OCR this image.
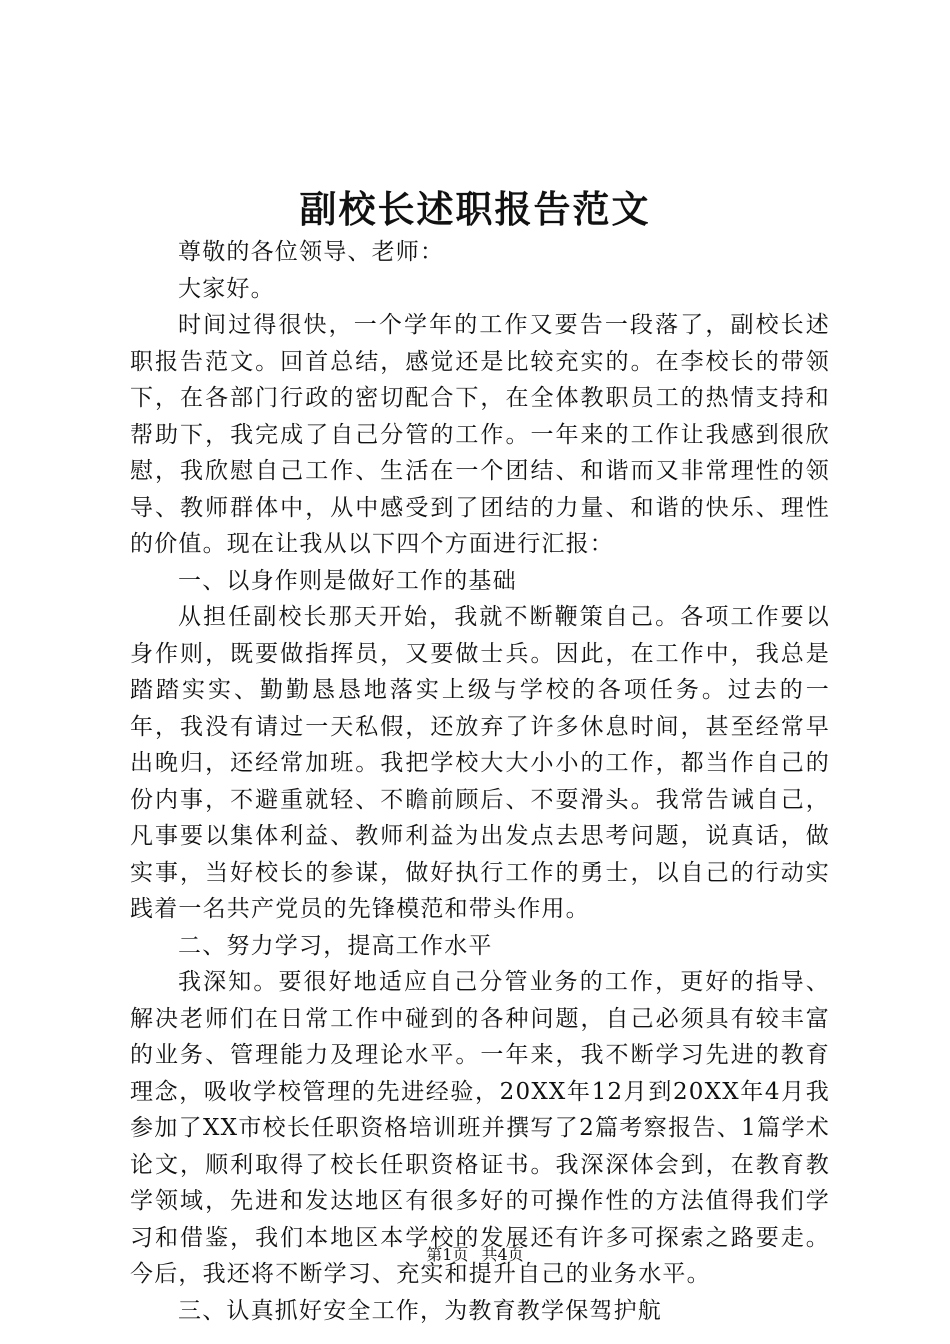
副校长述职报告范文

尊敬的各位领导、老师：

大家好。

时间过得很快，一个学年的工作又要告一段落了，副校长述职报告范文。回首总结，感觉还是比较充实的。在李校长的带领下，在各部门行政的密切配合下，在全体教职员工的热情支持和帮助下，我完成了自己分管的工作。一年来的工作让我感到很欣慰，我欣慰自己工作、生活在一个团结、和谐而又非常理性的领导、教师群体中，从中感受到了团结的力量、和谐的快乐、理性的价值。现在让我从以下四个方面进行汇报：

一、以身作则是做好工作的基础

从担任副校长那天开始，我就不断鞭策自己。各项工作要以身作则，既要做指挥员，又要做士兵。因此，在工作中，我总是踏踏实实、勤勤恳恳地落实上级与学校的各项任务。过去的一年，我没有请过一天私假，还放弃了许多休息时间，甚至经常早出晚归，还经常加班。我把学校大大小小的工作，都当作自己的份内事，不避重就轻、不瞻前顾后、不耍滑头。我常告诫自己，凡事要以集体利益、教师利益为出发点去思考问题，说真话，做实事，当好校长的参谋，做好执行工作的勇士，以自己的行动实践着一名共产党员的先锋模范和带头作用。

二、努力学习，提高工作水平

我深知。要很好地适应自己分管业务的工作，更好的指导、解决老师们在日常工作中碰到的各种问题，自己必须具有较丰富的业务、管理能力及理论水平。一年来，我不断学习先进的教育理念，吸收学校管理的先进经验，20XX年12月到20XX年4月我参加了XX市校长任职资格培训班并撰写了2篇考察报告、1篇学术论文，顺利取得了校长任职资格证书。我深深体会到，在教育教学领域，先进和发达地区有很多好的可操作性的方法值得我们学习和借鉴，我们本地区本学校的发展还有许多可探索之路要走。今后，我还将不断学习、充实和提升自己的业务水平。

三、认真抓好安全工作，为教育教学保驾护航

第1页 共4页
